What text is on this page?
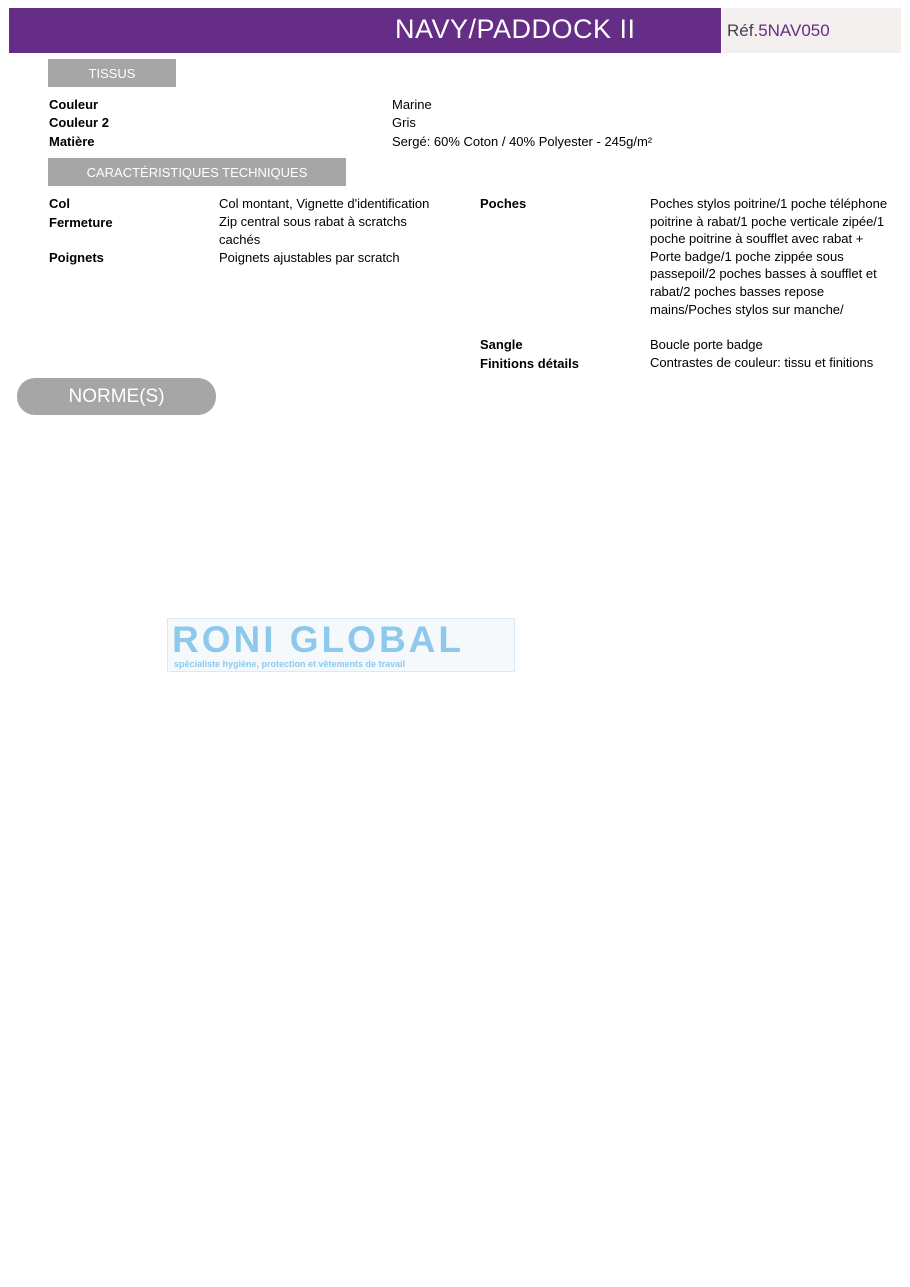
NAVY/PADDOCK II	Réf.5NAV050
TISSUS
Couleur	Marine
Couleur 2	Gris
Matière	Sergé: 60% Coton / 40% Polyester - 245g/m²
CARACTÉRISTIQUES TECHNIQUES
Col	Col montant, Vignette d'identification
Fermeture	Zip central sous rabat à scratchs cachés
Poignets	Poignets ajustables par scratch
Poches	Poches stylos poitrine/1 poche téléphone poitrine à rabat/1 poche verticale zipée/1 poche poitrine à soufflet avec rabat + Porte badge/1 poche zippée sous passepoil/2 poches basses à soufflet et rabat/2 poches basses repose mains/Poches stylos sur manche/
Sangle	Boucle porte badge
Finitions détails	Contrastes de couleur: tissu et finitions
NORME(S)
RONI GLOBAL
spécialiste hygiène, protection et vêtements de travail
